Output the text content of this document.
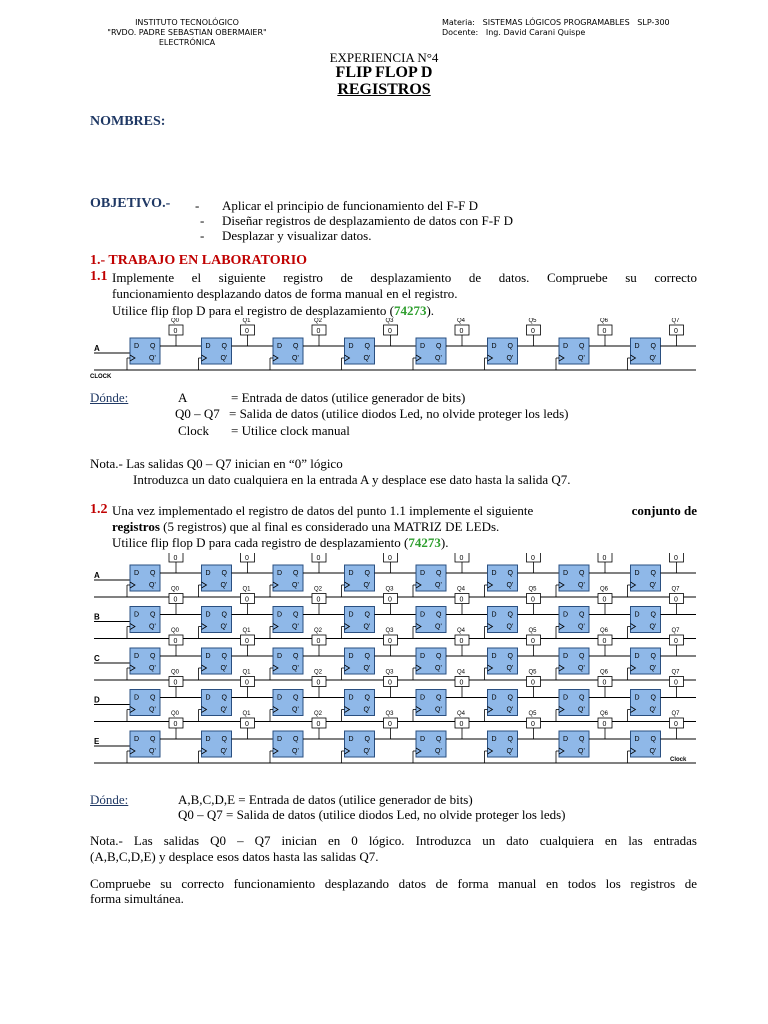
INSTITUTO TECNOLÓGICO
"RVDO. PADRE SEBASTIAN OBERMAIER"
ELECTRÓNICA
Materia: SISTEMAS LÓGICOS PROGRAMABLES SLP-300
Docente: Ing. David Carani Quispe
EXPERIENCIA N°4
FLIP FLOP D
REGISTROS
NOMBRES:
OBJETIVO.- - Aplicar el principio de funcionamiento del F-F D
- Diseñar registros de desplazamiento de datos con F-F D
- Desplazar y visualizar datos.
1.- TRABAJO EN LABORATORIO
1.1 Implemente el siguiente registro de desplazamiento de datos. Compruebe su correcto
funcionamiento desplazando datos de forma manual en el registro.
Utilice flip flop D para el registro de desplazamiento (74273).
A	D Q
Q'
0
Q0
D Q
Q'
0
Q1
D Q
Q'
0
Q2
D Q
Q'
0
Q3
D Q
Q'
0
Q4
D Q
Q'
0
Q5
D Q
Q'
0
Q6
D Q
Q'
0
Q7
CLOCK
Dónde:	A	= Entrada de datos (utilice generador de bits)
Q0 – Q7 = Salida de datos (utilice diodos Led, no olvide proteger los leds)
Clock = Utilice clock manual
Nota.- Las salidas Q0 – Q7 inician en “0” lógico
Introduzca un dato cualquiera en la entrada A y desplace ese dato hasta la salida Q7.
1.2 Una vez implementado el registro de datos del punto 1.1 implemente el siguiente	conjunto de
registros (5 registros) que al final es considerado una MATRIZ DE LEDs.
Utilice flip flop D para cada registro de desplazamiento (74273).
A	D Q
Q'
0
D Q
Q'
0
D Q
Q'
0
D Q
Q'
0
D Q
Q'
0
D Q
Q'
0
D Q
Q'
0
D Q
Q'
0
B	D Q
Q'
0
Q0
D Q
Q'
0
Q1
D Q
Q'
0
Q2
D Q
Q'
0
Q3
D Q
Q'
0
Q4
D Q
Q'
0
Q5
D Q
Q'
0
Q6
D Q
Q'
0
Q7
C	D Q
Q'
0
Q0
D Q
Q'
0
Q1
D Q
Q'
0
Q2
D Q
Q'
0
Q3
D Q
Q'
0
Q4
D Q
Q'
0
Q5
D Q
Q'
0
Q6
D Q
Q'
0
Q7
D	D Q
Q'
0
Q0
D Q
Q'
0
Q1
D Q
Q'
0
Q2
D Q
Q'
0
Q3
D Q
Q'
0
Q4
D Q
Q'
0
Q5
D Q
Q'
0
Q6
D Q
Q'
0
Q7
E	D Q
Q'
0
Q0
D Q
Q'
0
Q1
D Q
Q'
0
Q2
D Q
Q'
0
Q3
D Q
Q'
0
Q4
D Q
Q'
0
Q5
D Q
Q'
0
Q6
D Q
Q'
0
Q7
Clock
Dónde:	A,B,C,D,E = Entrada de datos (utilice generador de bits)
Q0 – Q7 = Salida de datos (utilice diodos Led, no olvide proteger los leds)
Nota.- Las salidas Q0 – Q7 inician en 0 lógico. Introduzca un dato cualquiera en las entradas
(A,B,C,D,E) y desplace esos datos hasta las salidas Q7.
Compruebe su correcto funcionamiento desplazando datos de forma manual en todos los registros de
forma simultánea.
